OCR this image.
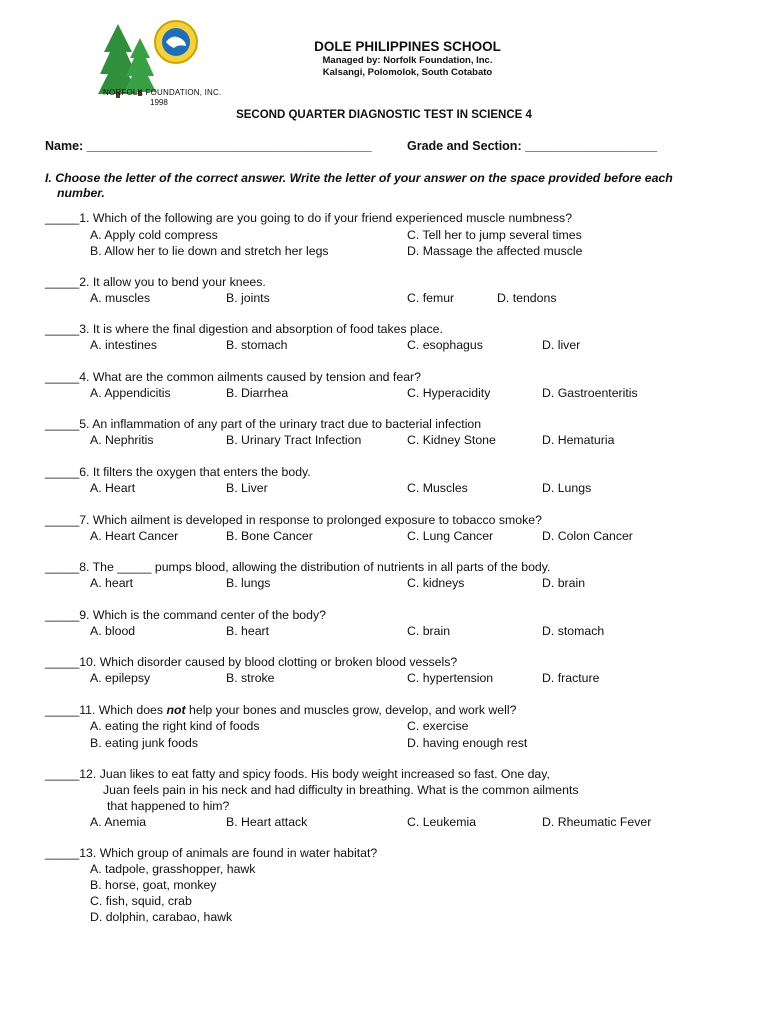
NORFOLK FOUNDATION, INC.
1998
DOLE PHILIPPINES SCHOOL
Managed by: Norfolk Foundation, Inc.
Kalsangi, Polomolok, South Cotabato
SECOND QUARTER DIAGNOSTIC TEST IN SCIENCE 4
Name: _________________________________________	Grade and Section: ___________________
I. Choose the letter of the correct answer. Write the letter of your answer on the space provided before each number.
_____1. Which of the following are you going to do if your friend experienced muscle numbness?
A. Apply cold compress	C. Tell her to jump several times
B. Allow her to lie down and stretch her legs	D. Massage the affected muscle
_____2. It allow you to bend your knees.
A. muscles	B. joints	C. femur	D. tendons
_____3. It is where the final digestion and absorption of food takes place.
A. intestines	B. stomach	C. esophagus	D. liver
_____4. What are the common ailments caused by tension and fear?
A. Appendicitis	B. Diarrhea	C. Hyperacidity	D. Gastroenteritis
_____5. An inflammation of any part of the urinary tract due to bacterial infection
A. Nephritis	B. Urinary Tract Infection	C. Kidney Stone	D. Hematuria
_____6. It filters the oxygen that enters the body.
A. Heart	B. Liver	C. Muscles	D. Lungs
_____7. Which ailment is developed in response to prolonged exposure to tobacco smoke?
A. Heart Cancer	B. Bone Cancer	C. Lung Cancer	D. Colon Cancer
_____8. The _____ pumps blood, allowing the distribution of nutrients in all parts of the body.
A. heart	B. lungs	C. kidneys	D. brain
_____9. Which is the command center of the body?
A. blood	B. heart	C. brain	D. stomach
_____10. Which disorder caused by blood clotting or broken blood vessels?
A. epilepsy	B. stroke	C. hypertension	D. fracture
_____11. Which does not help your bones and muscles grow, develop, and work well?
A. eating the right kind of foods	C. exercise
B. eating junk foods	D. having enough rest
_____12. Juan likes to eat fatty and spicy foods. His body weight increased so fast. One day,
Juan feels pain in his neck and had difficulty in breathing. What is the common ailments
that happened to him?
A. Anemia	B. Heart attack	C. Leukemia	D. Rheumatic Fever
_____13. Which group of animals are found in water habitat?
A. tadpole, grasshopper, hawk
B. horse, goat, monkey
C. fish, squid, crab
D. dolphin, carabao, hawk
